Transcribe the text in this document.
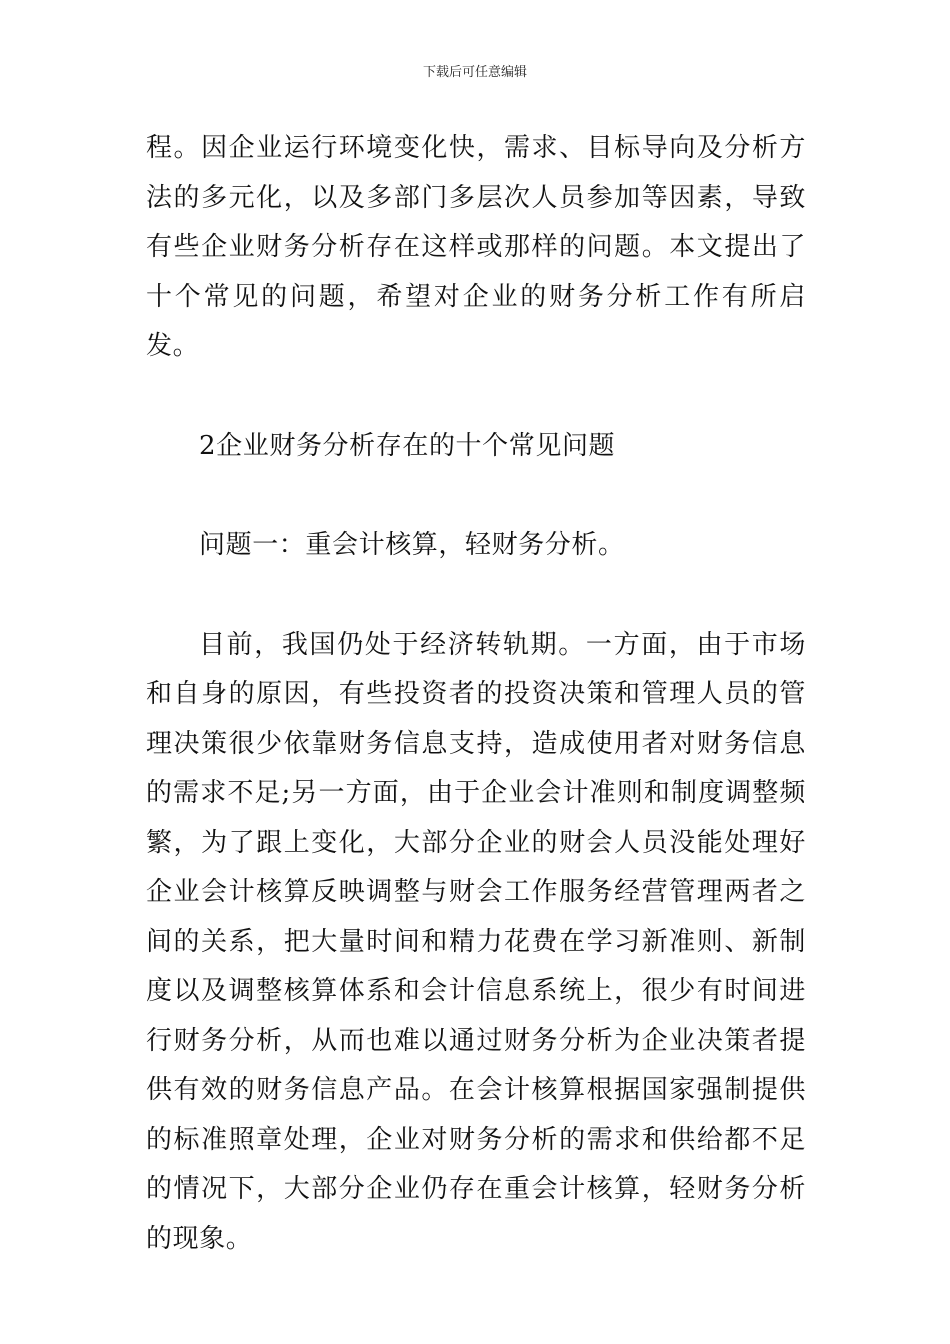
下载后可任意编辑

程。因企业运行环境变化快，需求、目标导向及分析方法的多元化，以及多部门多层次人员参加等因素，导致有些企业财务分析存在这样或那样的问题。本文提出了十个常见的问题，希望对企业的财务分析工作有所启发。

2企业财务分析存在的十个常见问题

问题一：重会计核算，轻财务分析。

目前，我国仍处于经济转轨期。一方面，由于市场和自身的原因，有些投资者的投资决策和管理人员的管理决策很少依靠财务信息支持，造成使用者对财务信息的需求不足;另一方面，由于企业会计准则和制度调整频繁，为了跟上变化，大部分企业的财会人员没能处理好企业会计核算反映调整与财会工作服务经营管理两者之间的关系，把大量时间和精力花费在学习新准则、新制度以及调整核算体系和会计信息系统上，很少有时间进行财务分析，从而也难以通过财务分析为企业决策者提供有效的财务信息产品。在会计核算根据国家强制提供的标准照章处理，企业对财务分析的需求和供给都不足的情况下，大部分企业仍存在重会计核算，轻财务分析的现象。
